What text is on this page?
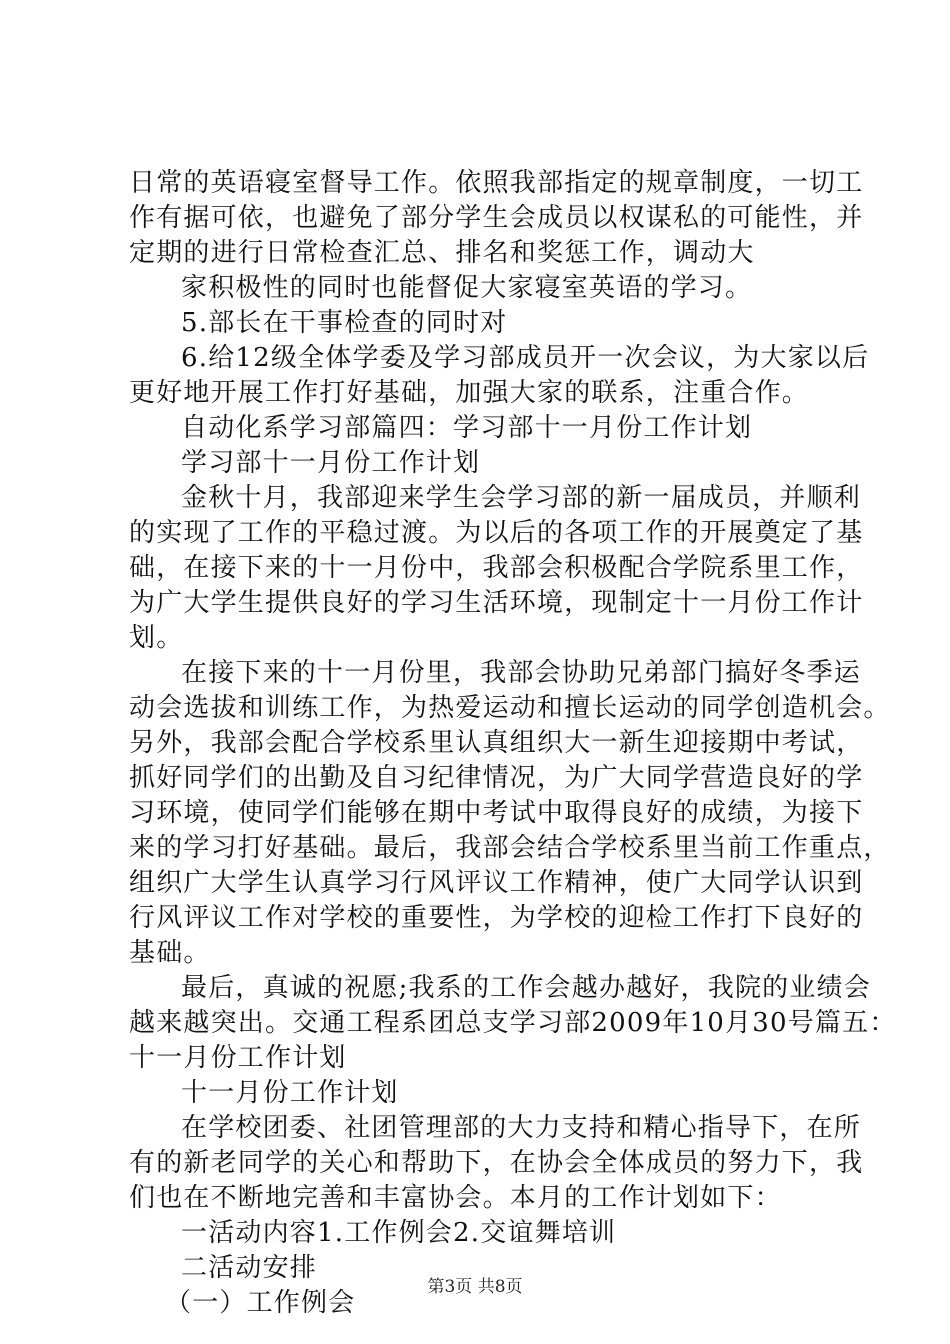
日常的英语寝室督导工作。依照我部指定的规章制度，一切工
作有据可依，也避免了部分学生会成员以权谋私的可能性，并
定期的进行日常检查汇总、排名和奖惩工作，调动大
家积极性的同时也能督促大家寝室英语的学习。
5.部长在干事检查的同时对
6.给12级全体学委及学习部成员开一次会议，为大家以后
更好地开展工作打好基础，加强大家的联系，注重合作。
自动化系学习部篇四：学习部十一月份工作计划
学习部十一月份工作计划
金秋十月，我部迎来学生会学习部的新一届成员，并顺利
的实现了工作的平稳过渡。为以后的各项工作的开展奠定了基
础，在接下来的十一月份中，我部会积极配合学院系里工作，
为广大学生提供良好的学习生活环境，现制定十一月份工作计
划。
在接下来的十一月份里，我部会协助兄弟部门搞好冬季运
动会选拔和训练工作，为热爱运动和擅长运动的同学创造机会。
另外，我部会配合学校系里认真组织大一新生迎接期中考试，
抓好同学们的出勤及自习纪律情况，为广大同学营造良好的学
习环境，使同学们能够在期中考试中取得良好的成绩，为接下
来的学习打好基础。最后，我部会结合学校系里当前工作重点，
组织广大学生认真学习行风评议工作精神，使广大同学认识到
行风评议工作对学校的重要性，为学校的迎检工作打下良好的
基础。
最后，真诚的祝愿;我系的工作会越办越好，我院的业绩会
越来越突出。交通工程系团总支学习部2009年10月30号篇五：
十一月份工作计划
十一月份工作计划
在学校团委、社团管理部的大力支持和精心指导下，在所
有的新老同学的关心和帮助下，在协会全体成员的努力下，我
们也在不断地完善和丰富协会。本月的工作计划如下：
一活动内容1.工作例会2.交谊舞培训
二活动安排
（一）工作例会
第3页 共8页
